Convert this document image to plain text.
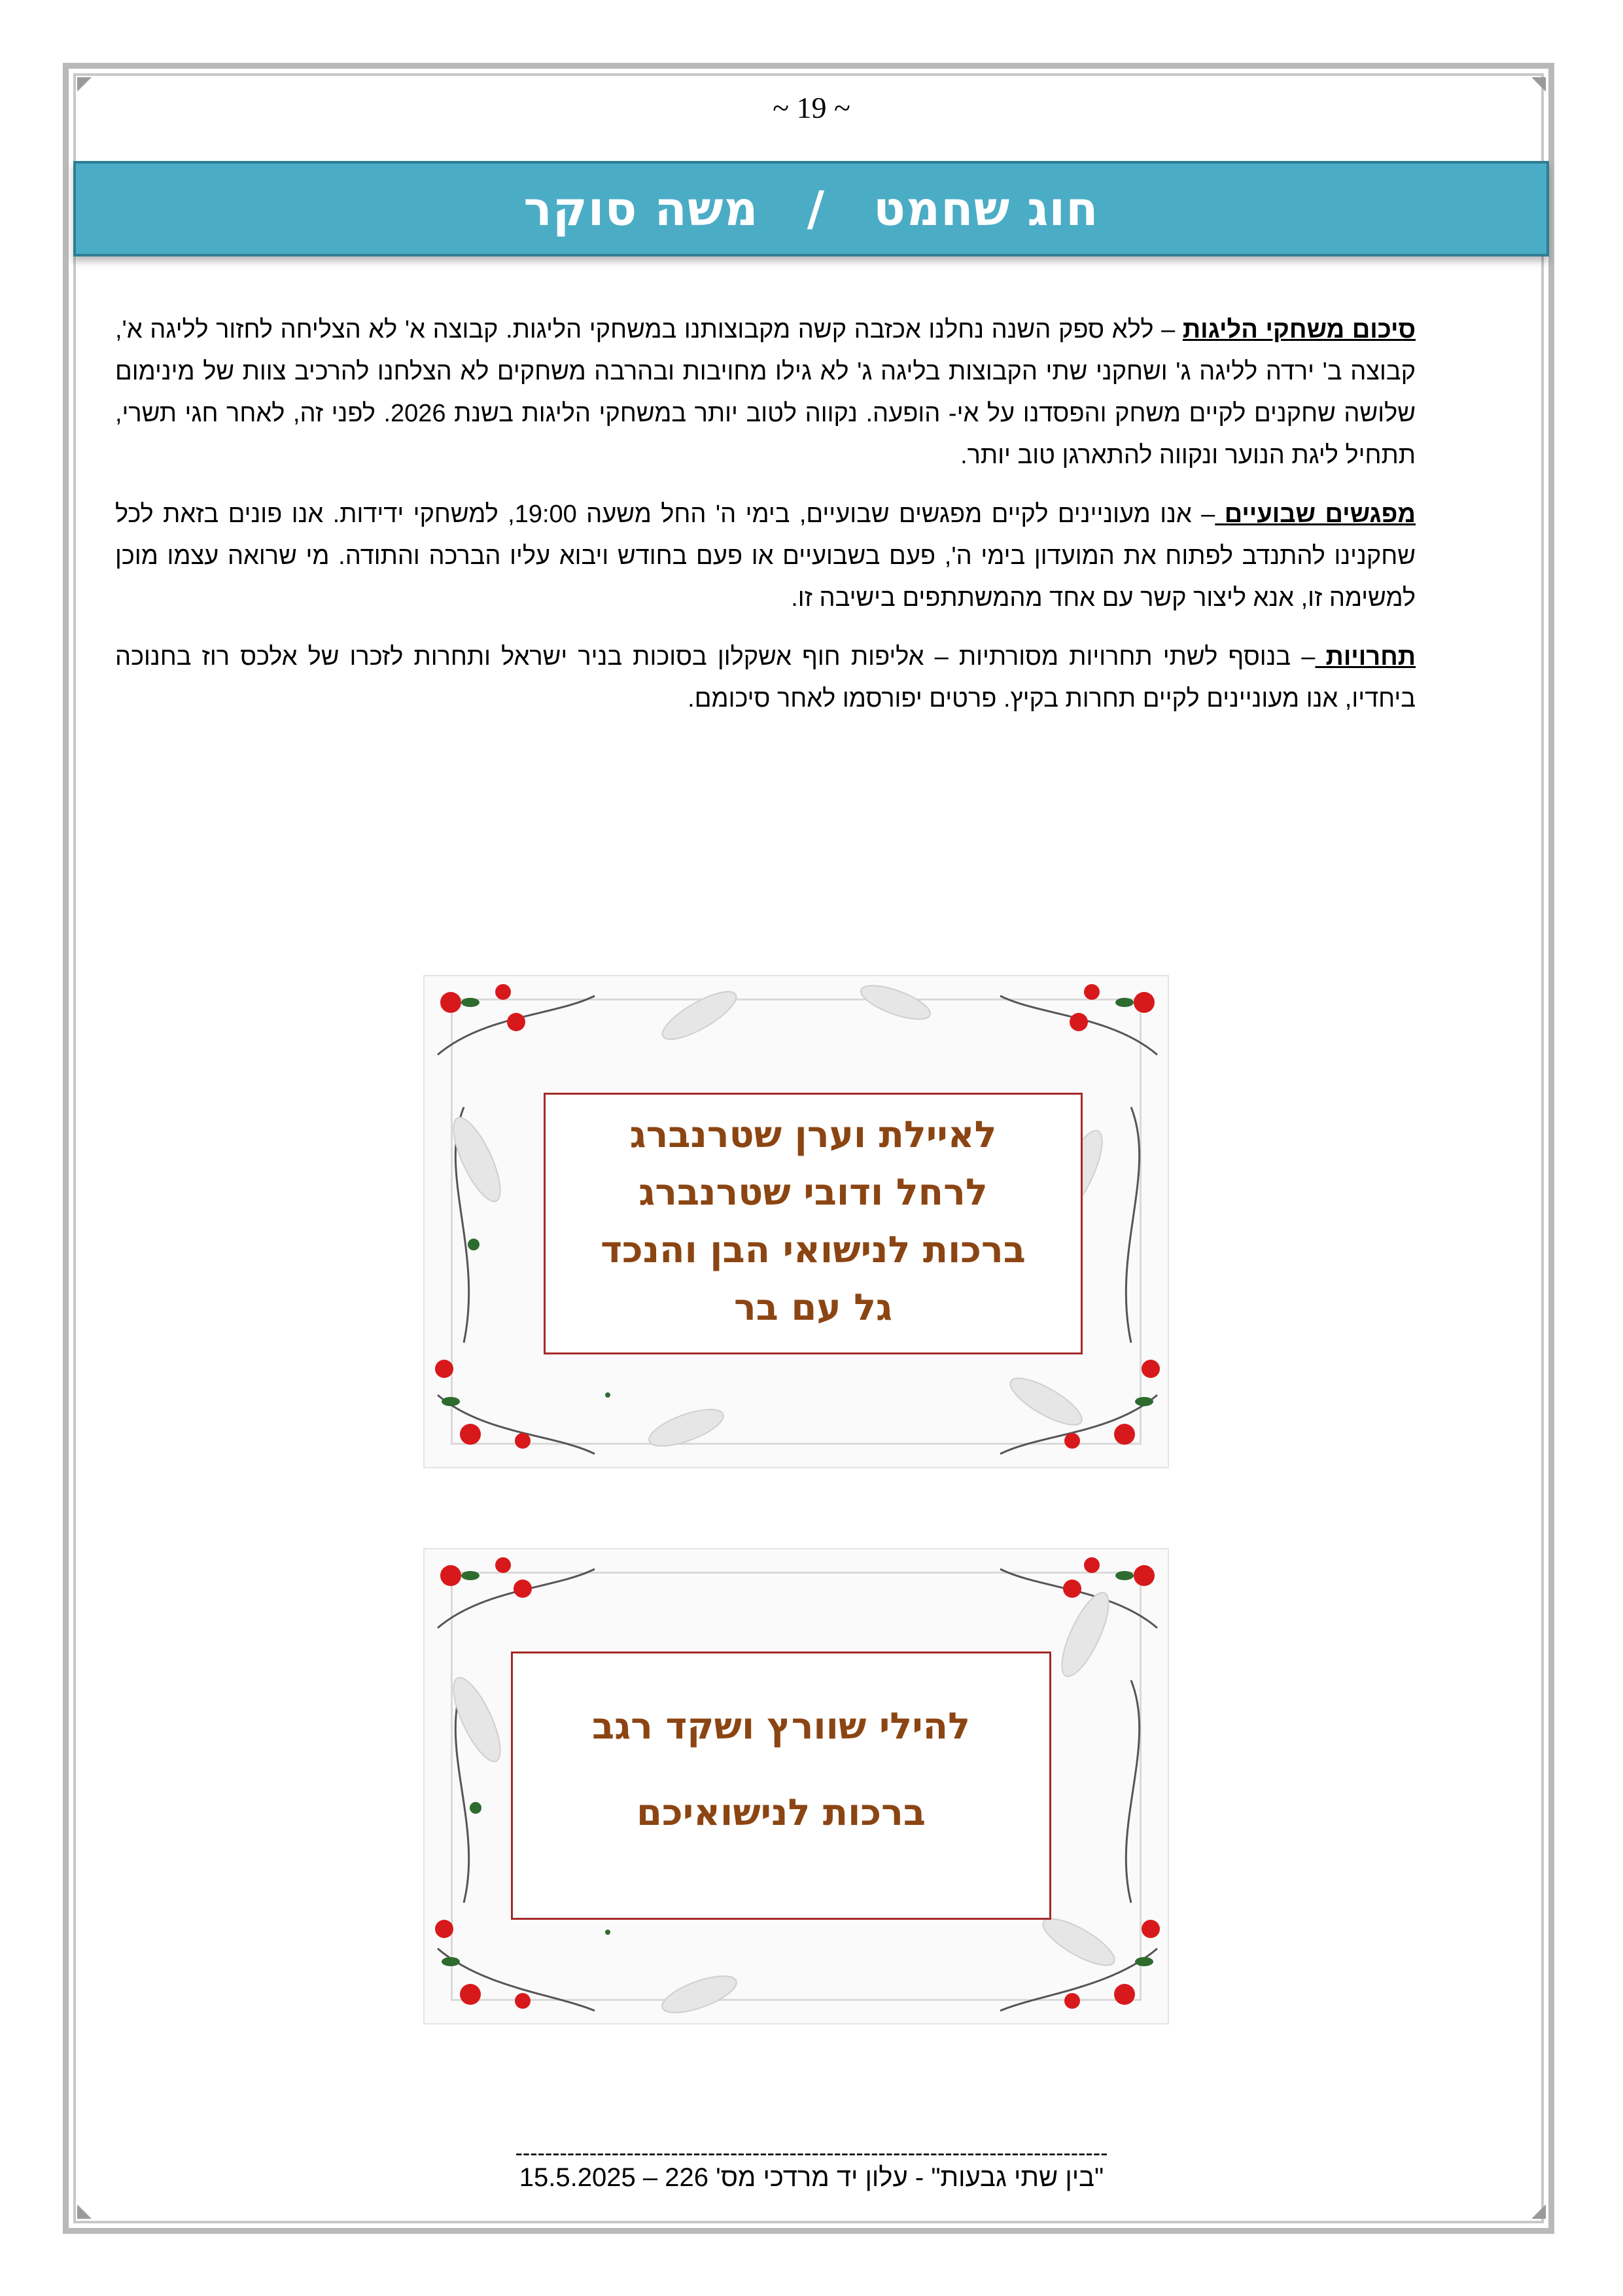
~ 19 ~
חוג שחמט / משה סוקר

סיכום משחקי הליגות – ללא ספק השנה נחלנו אכזבה קשה מקבוצותנו במשחקי הליגות. קבוצה א' לא הצליחה לחזור לליגה א', קבוצה ב' ירדה לליגה ג' ושחקני שתי הקבוצות בליגה ג' לא גילו מחויבות ובהרבה משחקים לא הצלחנו להרכיב צוות של מינימום שלושה שחקנים לקיים משחק והפסדנו על אי- הופעה. נקווה לטוב יותר במשחקי הליגות בשנת 2026. לפני זה, לאחר חגי תשרי, תתחיל ליגת הנוער ונקווה להתארגן טוב יותר.

מפגשים שבועיים – אנו מעוניינים לקיים מפגשים שבועיים, בימי ה' החל משעה 19:00, למשחקי ידידות. אנו פונים בזאת לכל שחקנינו להתנדב לפתוח את המועדון בימי ה', פעם בשבועיים או פעם בחודש ויבוא עליו הברכה והתודה. מי שרואה עצמו מוכן למשימה זו, אנא ליצור קשר עם אחד מהמשתתפים בישיבה זו.

תחרויות – בנוסף לשתי תחרויות מסורתיות – אליפות חוף אשקלון בסוכות בניר ישראל ותחרות לזכרו של אלכס רוז בחנוכה ביחדיו, אנו מעוניינים לקיים תחרות בקיץ. פרטים יפורסמו לאחר סיכומם.

לאיילת וערן שטרנברג
לרחל ודובי שטרנברג
ברכות לנישואי הבן והנכד
גל עם בר
להילי שוורץ ושקד רגב
ברכות לנישואיכם
--------------------------------------------------------------------------------
"בין שתי גבעות" - עלון יד מרדכי מס' 226 – 15.5.2025
